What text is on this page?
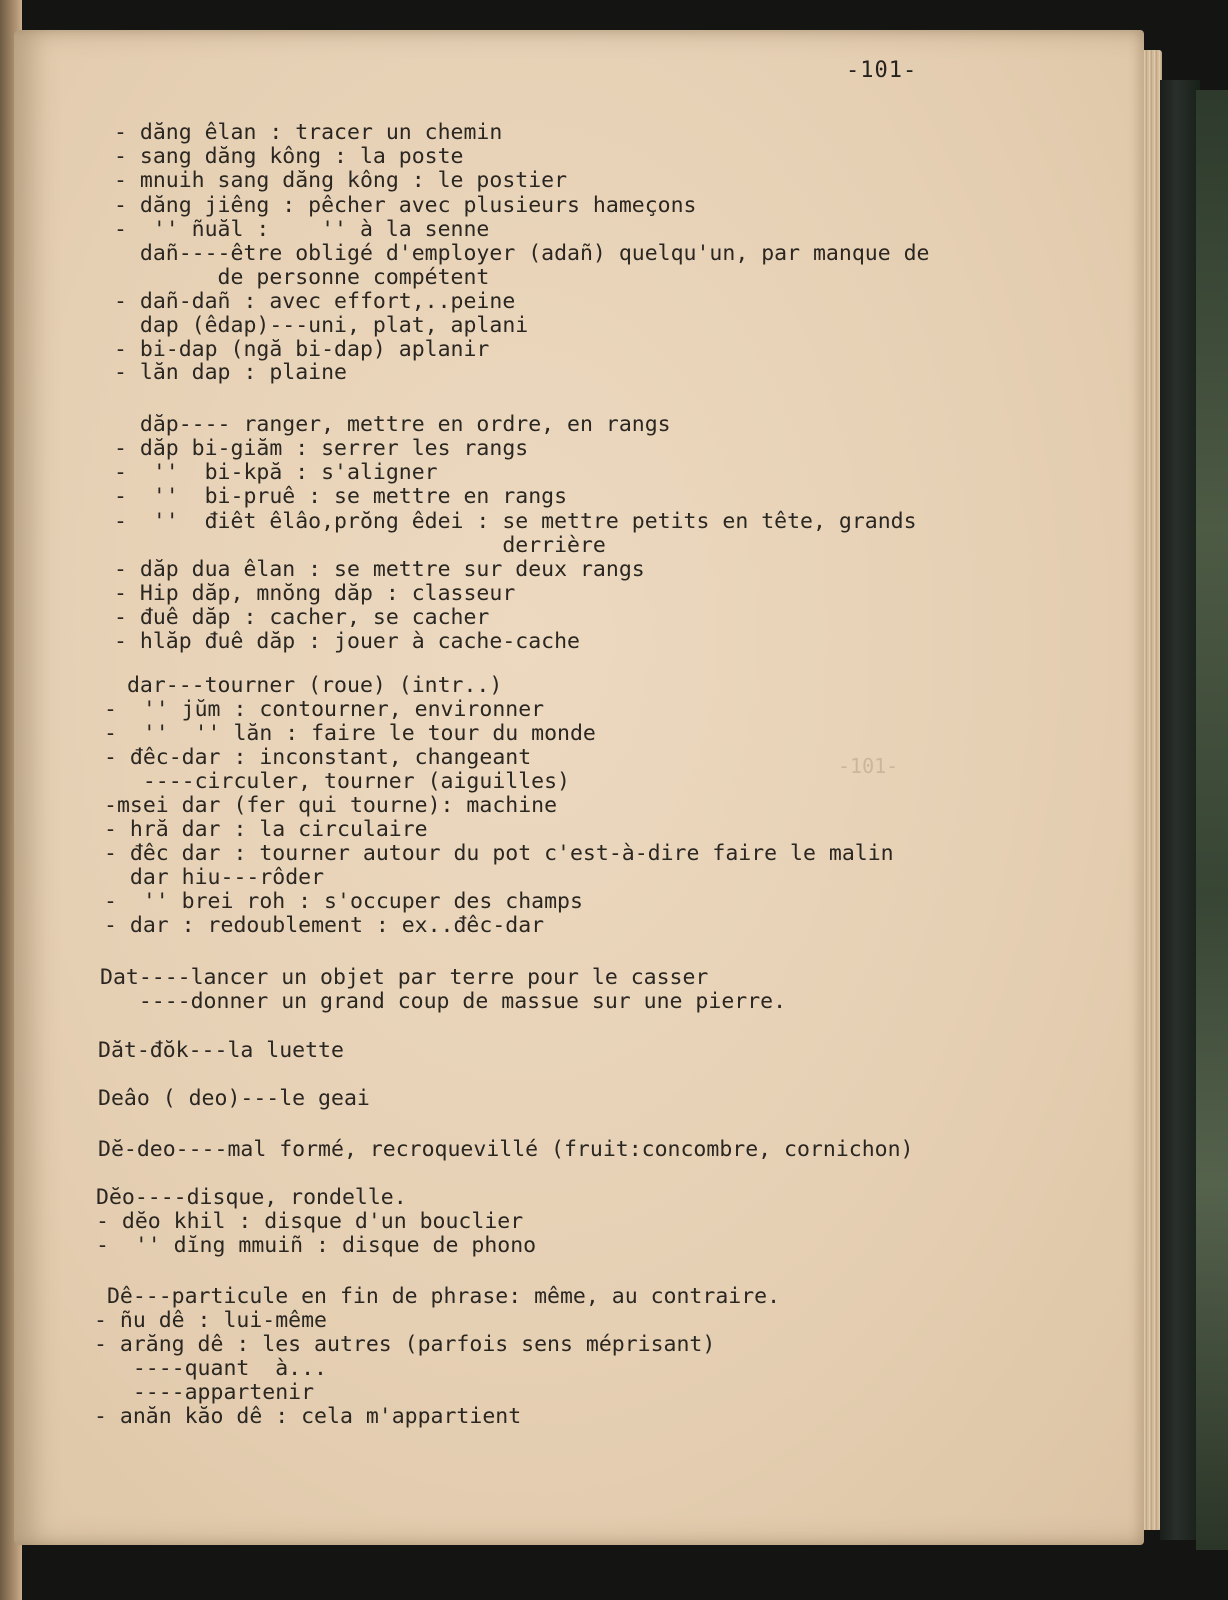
- dăng êlan : tracer un chemin

- sang dăng kông : la poste

- mnuih sang dăng kông : le postier

- dăng jiêng : pêcher avec plusieurs hameçons

-  '' ñuăl :    '' à la senne

dañ----être obligé d'employer (adañ) quelqu'un, par manque de

de personne compétent

- dañ-dañ : avec effort,..peine

dap (êdap)---uni, plat, aplani

- bi-dap (ngă bi-dap) aplanir

- lăn dap : plaine

dăp---- ranger, mettre en ordre, en rangs

- dăp bi-giăm : serrer les rangs

-  ''  bi-kpă : s'aligner

-  ''  bi-pruê : se mettre en rangs

-  ''  điêt êlâo,prŏng êdei : se mettre petits en tête, grands

derrière

- dăp dua êlan : se mettre sur deux rangs

- Hip dăp, mnŏng dăp : classeur

- đuê dăp : cacher, se cacher

- hlăp đuê dăp : jouer à cache-cache

dar---tourner (roue) (intr..)

-  '' jŭm : contourner, environner

-  ''  '' lăn : faire le tour du monde

- đêc-dar : inconstant, changeant

----circuler, tourner (aiguilles)

-msei dar (fer qui tourne): machine

- hră dar : la circulaire

- đêc dar : tourner autour du pot c'est-à-dire faire le malin

dar hiu---rôder

-  '' brei roh : s'occuper des champs

- dar : redoublement : ex..đêc-dar

Dat----lancer un objet par terre pour le casser

----donner un grand coup de massue sur une pierre.

Dăt-đŏk---la luette

Deâo ( deo)---le geai

Dĕ-deo----mal formé, recroquevillé (fruit:concombre, cornichon)

Dĕo----disque, rondelle.

- dĕo khil : disque d'un bouclier

-  '' dĭng mmuiñ : disque de phono

Dê---particule en fin de phrase: même, au contraire.

- ñu dê : lui-même

- arăng dê : les autres (parfois sens méprisant)

----quant  à...

----appartenir

- anăn kăo dê : cela m'appartient

-101-
-101-
